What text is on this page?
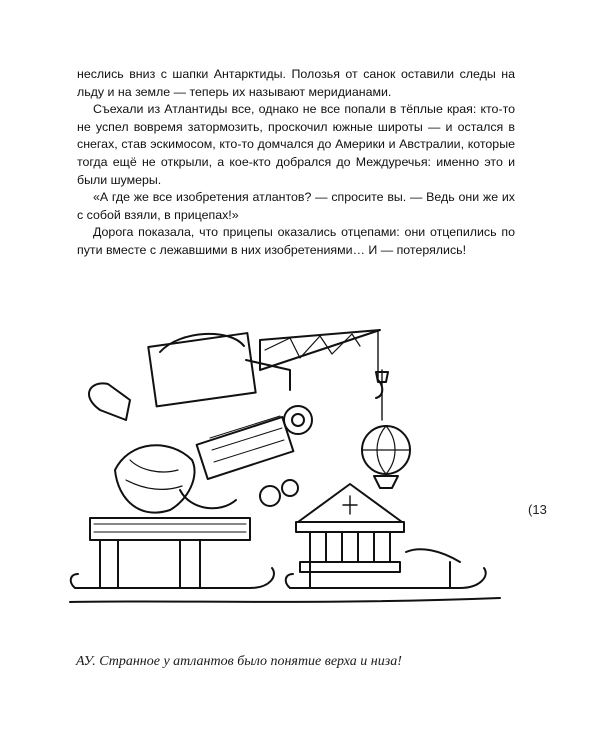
неслись вниз с шапки Антарктиды. Полозья от санок оставили следы на льду и на земле — теперь их называют меридианами.

Съехали из Атлантиды все, однако не все попали в тёплые края: кто-то не успел вовремя затормозить, проскочил южные широты — и остался в снегах, став эскимосом, кто-то домчался до Америки и Австралии, которые тогда ещё не открыли, а кое-кто добрался до Междуречья: именно это и были шумеры.

«А где же все изобретения атлантов? — спросите вы. — Ведь они же их с собой взяли, в прицепах!»

Дорога показала, что прицепы оказались отцепами: они отцепились по пути вместе с лежавшими в них изобретениями… И — потерялись!

(13
АУ. Странное у атлантов было понятие верха и низа!
